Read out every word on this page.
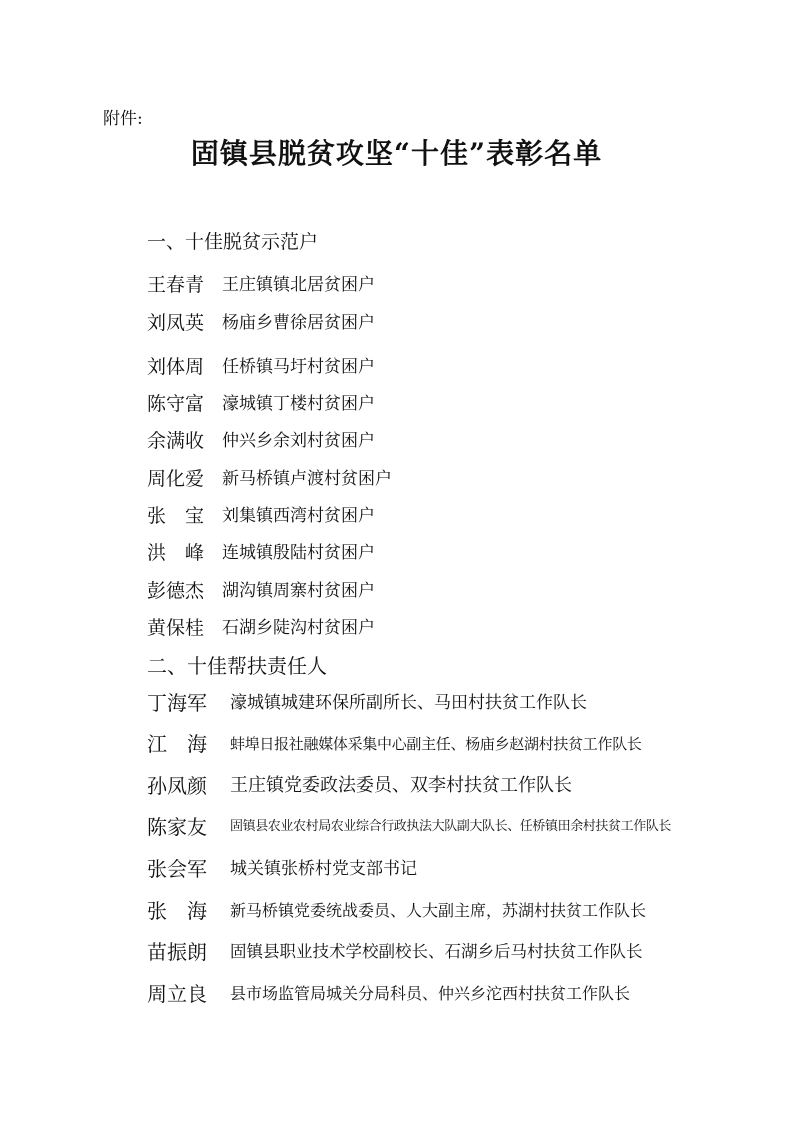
附件:
固镇县脱贫攻坚“十佳”表彰名单
一、十佳脱贫示范户
王春青	王庄镇镇北居贫困户
刘凤英	杨庙乡曹徐居贫困户
刘体周	任桥镇马圩村贫困户
陈守富	濠城镇丁楼村贫困户
余满收	仲兴乡余刘村贫困户
周化爱	新马桥镇卢渡村贫困户
张　宝	刘集镇西湾村贫困户
洪　峰	连城镇殷陆村贫困户
彭德杰	湖沟镇周寨村贫困户
黄保桂	石湖乡陡沟村贫困户
二、十佳帮扶责任人
丁海军	濠城镇城建环保所副所长、马田村扶贫工作队长
江　海	蚌埠日报社融媒体采集中心副主任、杨庙乡赵湖村扶贫工作队长
孙凤颜	王庄镇党委政法委员、双李村扶贫工作队长
陈家友	固镇县农业农村局农业综合行政执法大队副大队长、任桥镇田余村扶贫工作队长
张会军	城关镇张桥村党支部书记
张　海	新马桥镇党委统战委员、人大副主席，苏湖村扶贫工作队长
苗振朗	固镇县职业技术学校副校长、石湖乡后马村扶贫工作队长
周立良	县市场监管局城关分局科员、仲兴乡沱西村扶贫工作队长
